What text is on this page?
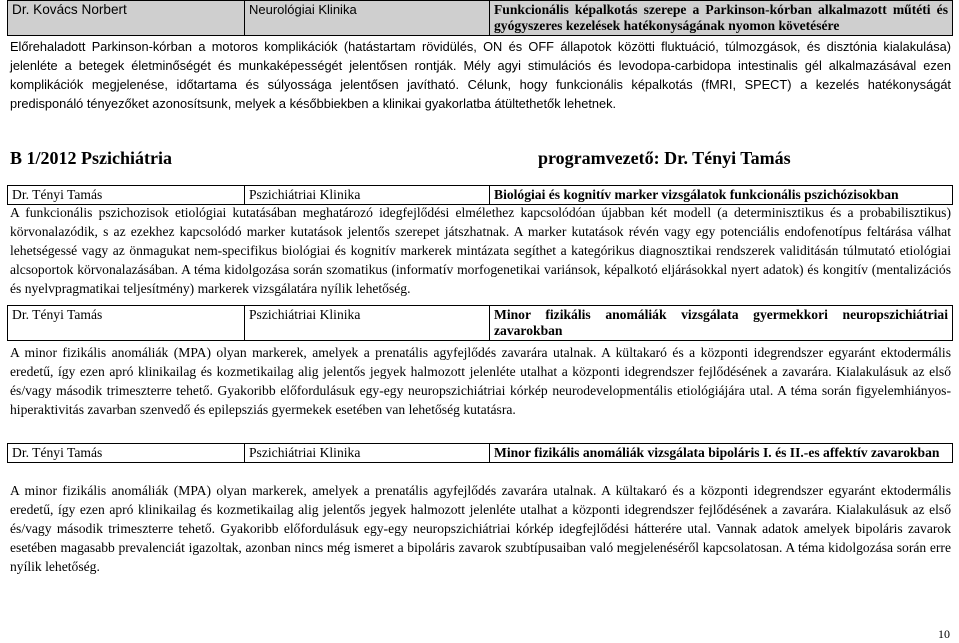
Dr. Kovács Norbert	Neurológiai Klinika	Funkcionális képalkotás szerepe a Parkinson-kórban alkalmazott műtéti és gyógyszeres kezelések hatékonyságának nyomon követésére
Előrehaladott Parkinson-kórban a motoros komplikációk (hatástartam rövidülés, ON és OFF állapotok közötti fluktuáció, túlmozgások, és disztónia kialakulása) jelenléte a betegek életminőségét és munkaképességét jelentősen rontják. Mély agyi stimulációs és levodopa-carbidopa intestinalis gél alkalmazásával ezen komplikációk megjelenése, időtartama és súlyossága jelentősen javítható. Célunk, hogy funkcionális képalkotás (fMRI, SPECT) a kezelés hatékonyságát predisponáló tényezőket azonosítsunk, melyek a későbbiekben a klinikai gyakorlatba átültethetők lehetnek.
B 1/2012 Pszichiátria	programvezető: Dr. Tényi Tamás
Dr. Tényi Tamás	Pszichiátriai Klinika	Biológiai és kognitív marker vizsgálatok funkcionális pszichózisokban
A funkcionális pszichozisok etiológiai kutatásában meghatározó idegfejlődési elmélethez kapcsolódóan újabban két modell (a determinisztikus és a probabilisztikus) körvonalazódik, s az ezekhez kapcsolódó marker kutatások jelentős szerepet játszhatnak. A marker kutatások révén vagy egy potenciális endofenotípus feltárása válhat lehetségessé vagy az önmagukat nem-specifikus biológiai és kognitív markerek mintázata segíthet a kategórikus diagnosztikai rendszerek validitásán túlmutató etiológiai alcsoportok körvonalazásában. A téma kidolgozása során szomatikus (informatív morfogenetikai variánsok, képalkotó eljárásokkal nyert adatok) és kongitív (mentalizációs és nyelvpragmatikai teljesítmény) markerek vizsgálatára nyílik lehetőség.
Dr. Tényi Tamás	Pszichiátriai Klinika	Minor fizikális anomáliák vizsgálata gyermekkori neuropszichiátriai zavarokban
A minor fizikális anomáliák (MPA) olyan markerek, amelyek a prenatális agyfejlődés zavarára utalnak. A kültakaró és a központi idegrendszer egyaránt ektodermális eredetű, így ezen apró klinikailag és kozmetikailag alig jelentős jegyek halmozott jelenléte utalhat a központi idegrendszer fejlődésének a zavarára. Kialakulásuk az első és/vagy második trimeszterre tehető. Gyakoribb előfordulásuk egy-egy neuropszichiátriai kórkép neurodevelopmentális etiológiájára utal. A téma során figyelemhiányos-hiperaktivitás zavarban szenvedő és epilepsziás gyermekek esetében van lehetőség kutatásra.
Dr. Tényi Tamás	Pszichiátriai Klinika	Minor fizikális anomáliák vizsgálata bipoláris I. és II.-es affektív zavarokban
A minor fizikális anomáliák (MPA) olyan markerek, amelyek a prenatális agyfejlődés zavarára utalnak. A kültakaró és a központi idegrendszer egyaránt ektodermális eredetű, így ezen apró klinikailag és kozmetikailag alig jelentős jegyek halmozott jelenléte utalhat a központi idegrendszer fejlődésének a zavarára. Kialakulásuk az első és/vagy második trimeszterre tehető. Gyakoribb előfordulásuk egy-egy neuropszichiátriai kórkép idegfejlődési hátterére utal. Vannak adatok amelyek bipoláris zavarok esetében magasabb prevalenciát igazoltak, azonban nincs még ismeret a bipoláris zavarok szubtípusaiban való megjelenéséről kapcsolatosan. A téma kidolgozása során erre nyílik lehetőség.
10
